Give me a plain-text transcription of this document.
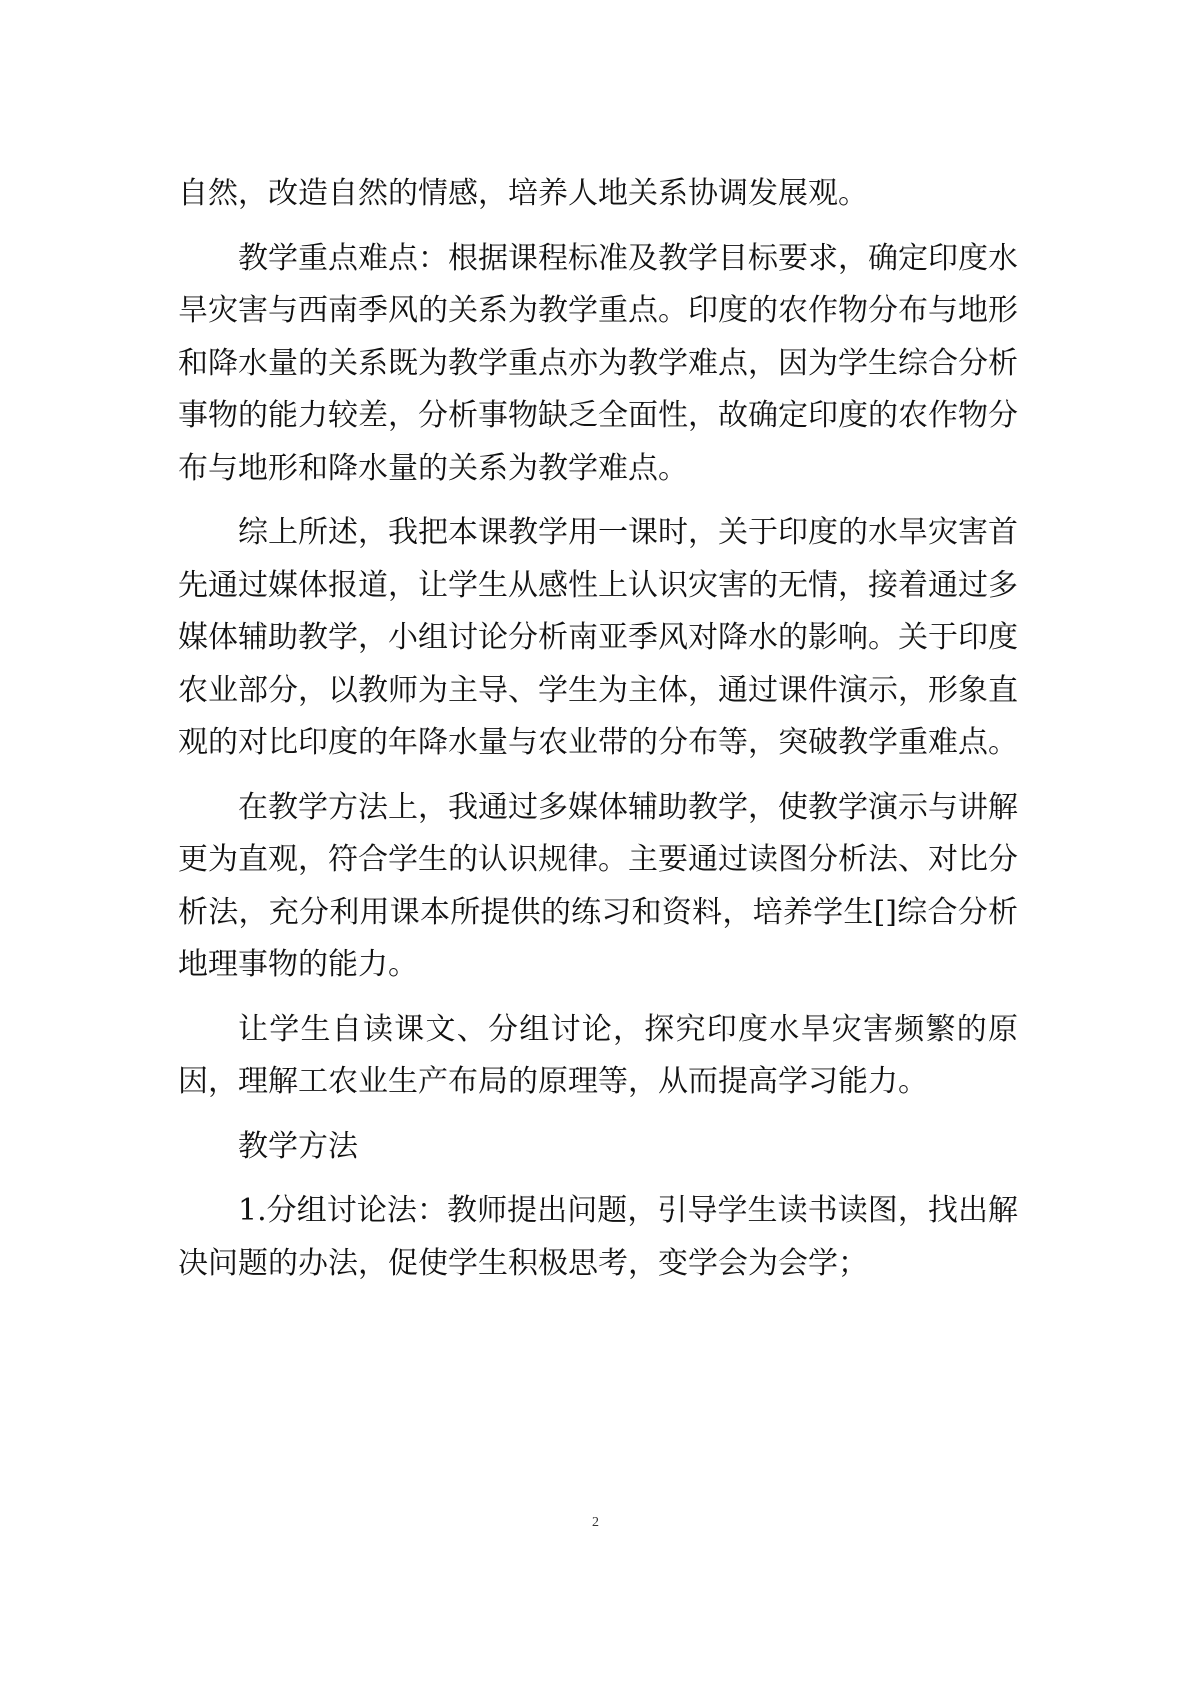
自然，改造自然的情感，培养人地关系协调发展观。

教学重点难点：根据课程标准及教学目标要求，确定印度水旱灾害与西南季风的关系为教学重点。印度的农作物分布与地形和降水量的关系既为教学重点亦为教学难点，因为学生综合分析事物的能力较差，分析事物缺乏全面性，故确定印度的农作物分布与地形和降水量的关系为教学难点。

综上所述，我把本课教学用一课时，关于印度的水旱灾害首先通过媒体报道，让学生从感性上认识灾害的无情，接着通过多媒体辅助教学，小组讨论分析南亚季风对降水的影响。关于印度农业部分，以教师为主导、学生为主体，通过课件演示，形象直观的对比印度的年降水量与农业带的分布等，突破教学重难点。

在教学方法上，我通过多媒体辅助教学，使教学演示与讲解更为直观，符合学生的认识规律。主要通过读图分析法、对比分析法，充分利用课本所提供的练习和资料，培养学生[]综合分析地理事物的能力。

让学生自读课文、分组讨论，探究印度水旱灾害频繁的原因，理解工农业生产布局的原理等，从而提高学习能力。

教学方法

1.分组讨论法：教师提出问题，引导学生读书读图，找出解决问题的办法，促使学生积极思考，变学会为会学；

2
